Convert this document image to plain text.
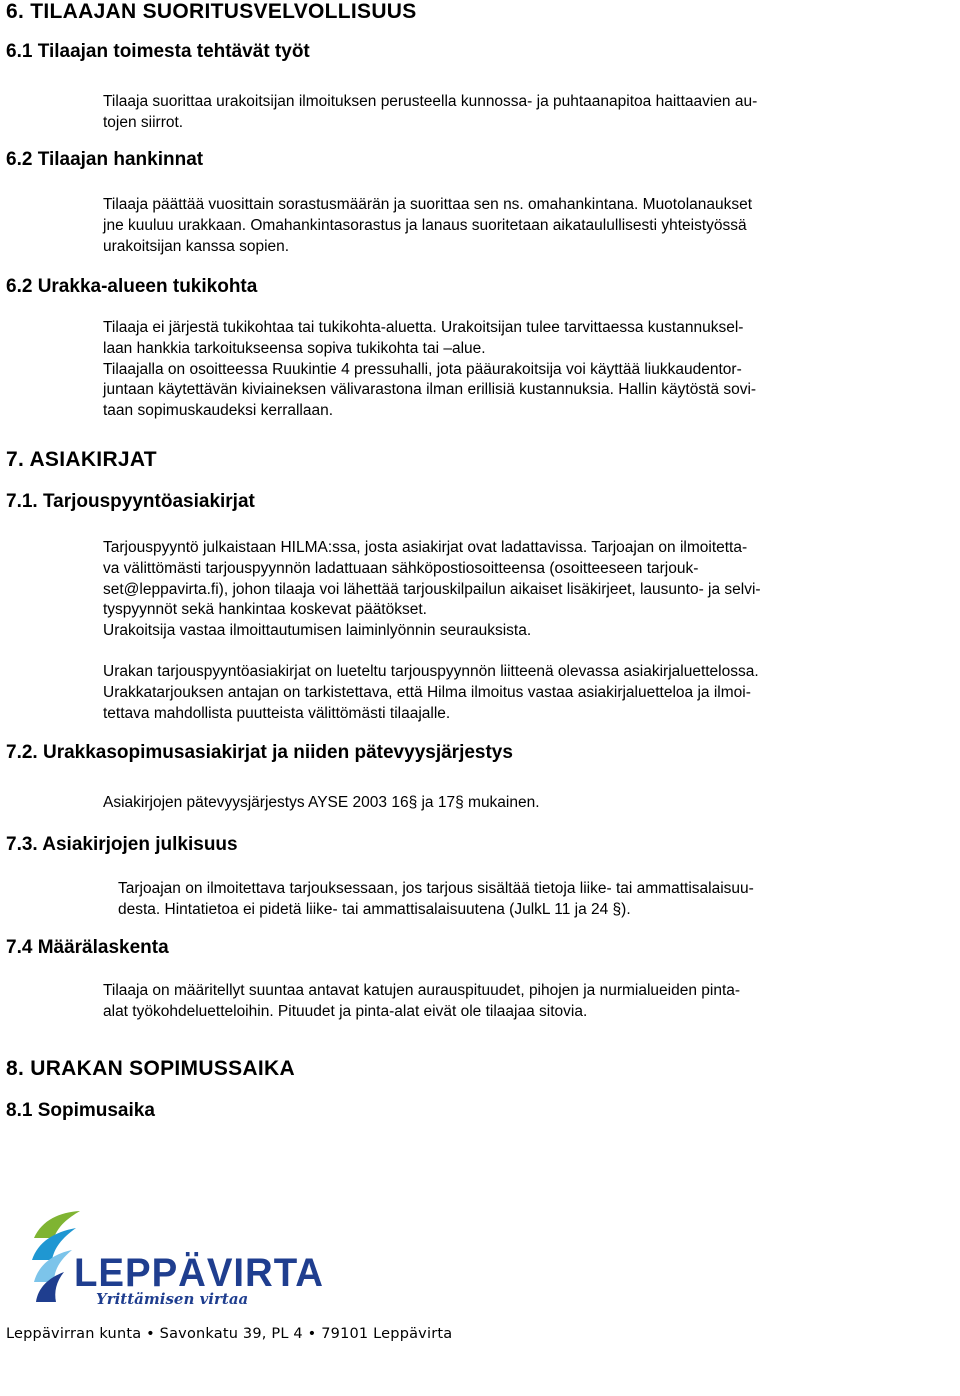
6. TILAAJAN SUORITUSVELVOLLISUUS
6.1 Tilaajan toimesta tehtävät työt
Tilaaja suorittaa urakoitsijan ilmoituksen perusteella kunnossa- ja puhtaanapitoa haittaavien au-
tojen siirrot.
6.2 Tilaajan hankinnat
Tilaaja päättää vuosittain sorastusmäärän ja suorittaa sen ns. omahankintana. Muotolanaukset
jne kuuluu urakkaan. Omahankintasorastus ja lanaus suoritetaan aikataulullisesti yhteistyössä
urakoitsijan kanssa sopien.
6.2 Urakka-alueen tukikohta
Tilaaja ei järjestä tukikohtaa tai tukikohta-aluetta. Urakoitsijan tulee tarvittaessa kustannuksel-
laan hankkia tarkoitukseensa sopiva tukikohta tai –alue.
Tilaajalla on osoitteessa Ruukintie 4 pressuhalli, jota pääurakoitsija voi käyttää liukkaudentor-
juntaan käytettävän kiviaineksen välivarastona ilman erillisiä kustannuksia. Hallin käytöstä sovi-
taan sopimuskaudeksi kerrallaan.
7. ASIAKIRJAT
7.1. Tarjouspyyntöasiakirjat
Tarjouspyyntö julkaistaan HILMA:ssa, josta asiakirjat ovat ladattavissa. Tarjoajan on ilmoitetta-
va välittömästi tarjouspyynnön ladattuaan sähköpostiosoitteensa (osoitteeseen tarjouk-
set@leppavirta.fi), johon tilaaja voi lähettää tarjouskilpailun aikaiset lisäkirjeet, lausunto- ja selvi-
tyspyynnöt sekä hankintaa koskevat päätökset.
Urakoitsija vastaa ilmoittautumisen laiminlyönnin seurauksista.
Urakan tarjouspyyntöasiakirjat on lueteltu tarjouspyynnön liitteenä olevassa asiakirjaluettelossa.
Urakkatarjouksen antajan on tarkistettava, että Hilma ilmoitus vastaa asiakirjaluetteloa ja ilmoi-
tettava mahdollista puutteista välittömästi tilaajalle.
7.2. Urakkasopimusasiakirjat ja niiden pätevyysjärjestys
Asiakirjojen pätevyysjärjestys AYSE 2003 16§ ja 17§ mukainen.
7.3. Asiakirjojen julkisuus
Tarjoajan on ilmoitettava tarjouksessaan, jos tarjous sisältää tietoja liike- tai ammattisalaisuu-
desta. Hintatietoa ei pidetä liike- tai ammattisalaisuutena (JulkL 11 ja 24 §).
7.4 Määrälaskenta
Tilaaja on määritellyt suuntaa antavat katujen aurauspituudet, pihojen ja nurmialueiden pinta-
alat työkohdeluetteloihin. Pituudet ja pinta-alat eivät ole tilaajaa sitovia.
8. URAKAN SOPIMUSSAIKA
8.1 Sopimusaika
LEPPÄVIRTA
Yrittämisen virtaa
Leppävirran kunta • Savonkatu 39, PL 4 • 79101 Leppävirta
